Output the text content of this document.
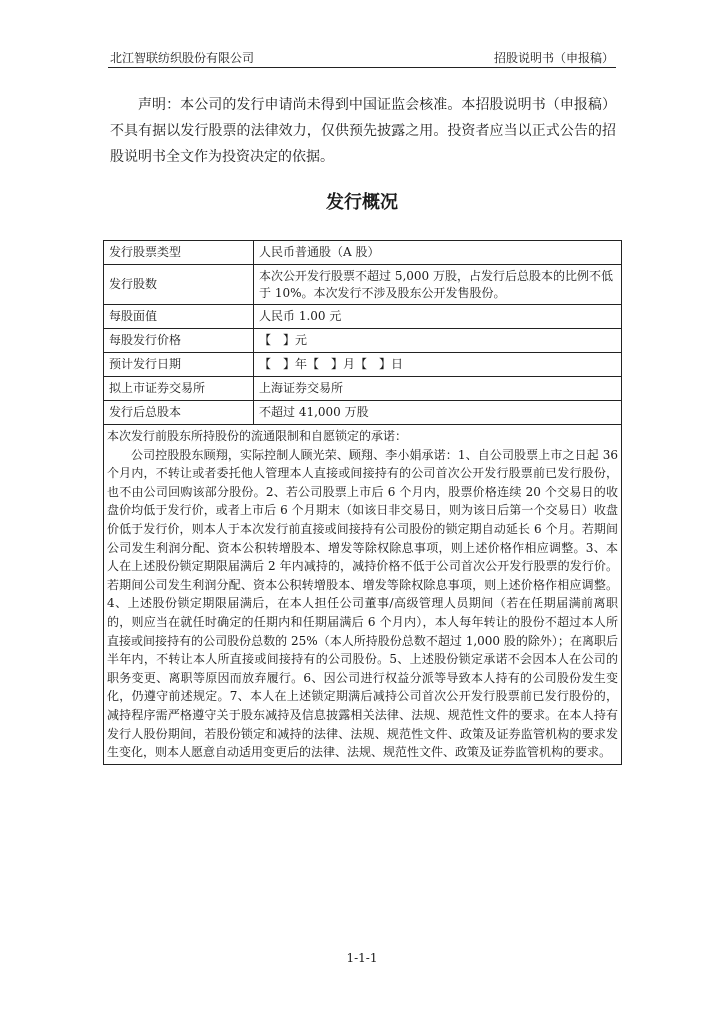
北江智联纺织股份有限公司	招股说明书（申报稿）
声明：本公司的发行申请尚未得到中国证监会核准。本招股说明书（申报稿）不具有据以发行股票的法律效力，仅供预先披露之用。投资者应当以正式公告的招股说明书全文作为投资决定的依据。
发行概况
发行股票类型	人民币普通股（A 股）
发行股数	本次公开发行股票不超过 5,000 万股，占发行后总股本的比例不低于 10%。本次发行不涉及股东公开发售股份。
每股面值	人民币 1.00 元
每股发行价格	【　】元
预计发行日期	【　】年【　】月【　】日
拟上市证券交易所	上海证券交易所
发行后总股本	不超过 41,000 万股

本次发行前股东所持股份的流通限制和自愿锁定的承诺：
公司控股股东顾翔，实际控制人顾光荣、顾翔、李小娟承诺：1、自公司股票上市之日起 36 个月内，不转让或者委托他人管理本人直接或间接持有的公司首次公开发行股票前已发行股份，也不由公司回购该部分股份。2、若公司股票上市后 6 个月内，股票价格连续 20 个交易日的收盘价均低于发行价，或者上市后 6 个月期末（如该日非交易日，则为该日后第一个交易日）收盘价低于发行价，则本人于本次发行前直接或间接持有公司股份的锁定期自动延长 6 个月。若期间公司发生利润分配、资本公积转增股本、增发等除权除息事项，则上述价格作相应调整。3、本人在上述股份锁定期限届满后 2 年内减持的，减持价格不低于公司首次公开发行股票的发行价。若期间公司发生利润分配、资本公积转增股本、增发等除权除息事项，则上述价格作相应调整。4、上述股份锁定期限届满后，在本人担任公司董事/高级管理人员期间（若在任期届满前离职的，则应当在就任时确定的任期内和任期届满后 6 个月内），本人每年转让的股份不超过本人所直接或间接持有的公司股份总数的 25%（本人所持股份总数不超过 1,000 股的除外）；在离职后半年内，不转让本人所直接或间接持有的公司股份。5、上述股份锁定承诺不会因本人在公司的职务变更、离职等原因而放弃履行。6、因公司进行权益分派等导致本人持有的公司股份发生变化，仍遵守前述规定。7、本人在上述锁定期满后减持公司首次公开发行股票前已发行股份的，减持程序需严格遵守关于股东减持及信息披露相关法律、法规、规范性文件的要求。在本人持有发行人股份期间，若股份锁定和减持的法律、法规、规范性文件、政策及证券监管机构的要求发生变化，则本人愿意自动适用变更后的法律、法规、规范性文件、政策及证券监管机构的要求。	
1-1-1
